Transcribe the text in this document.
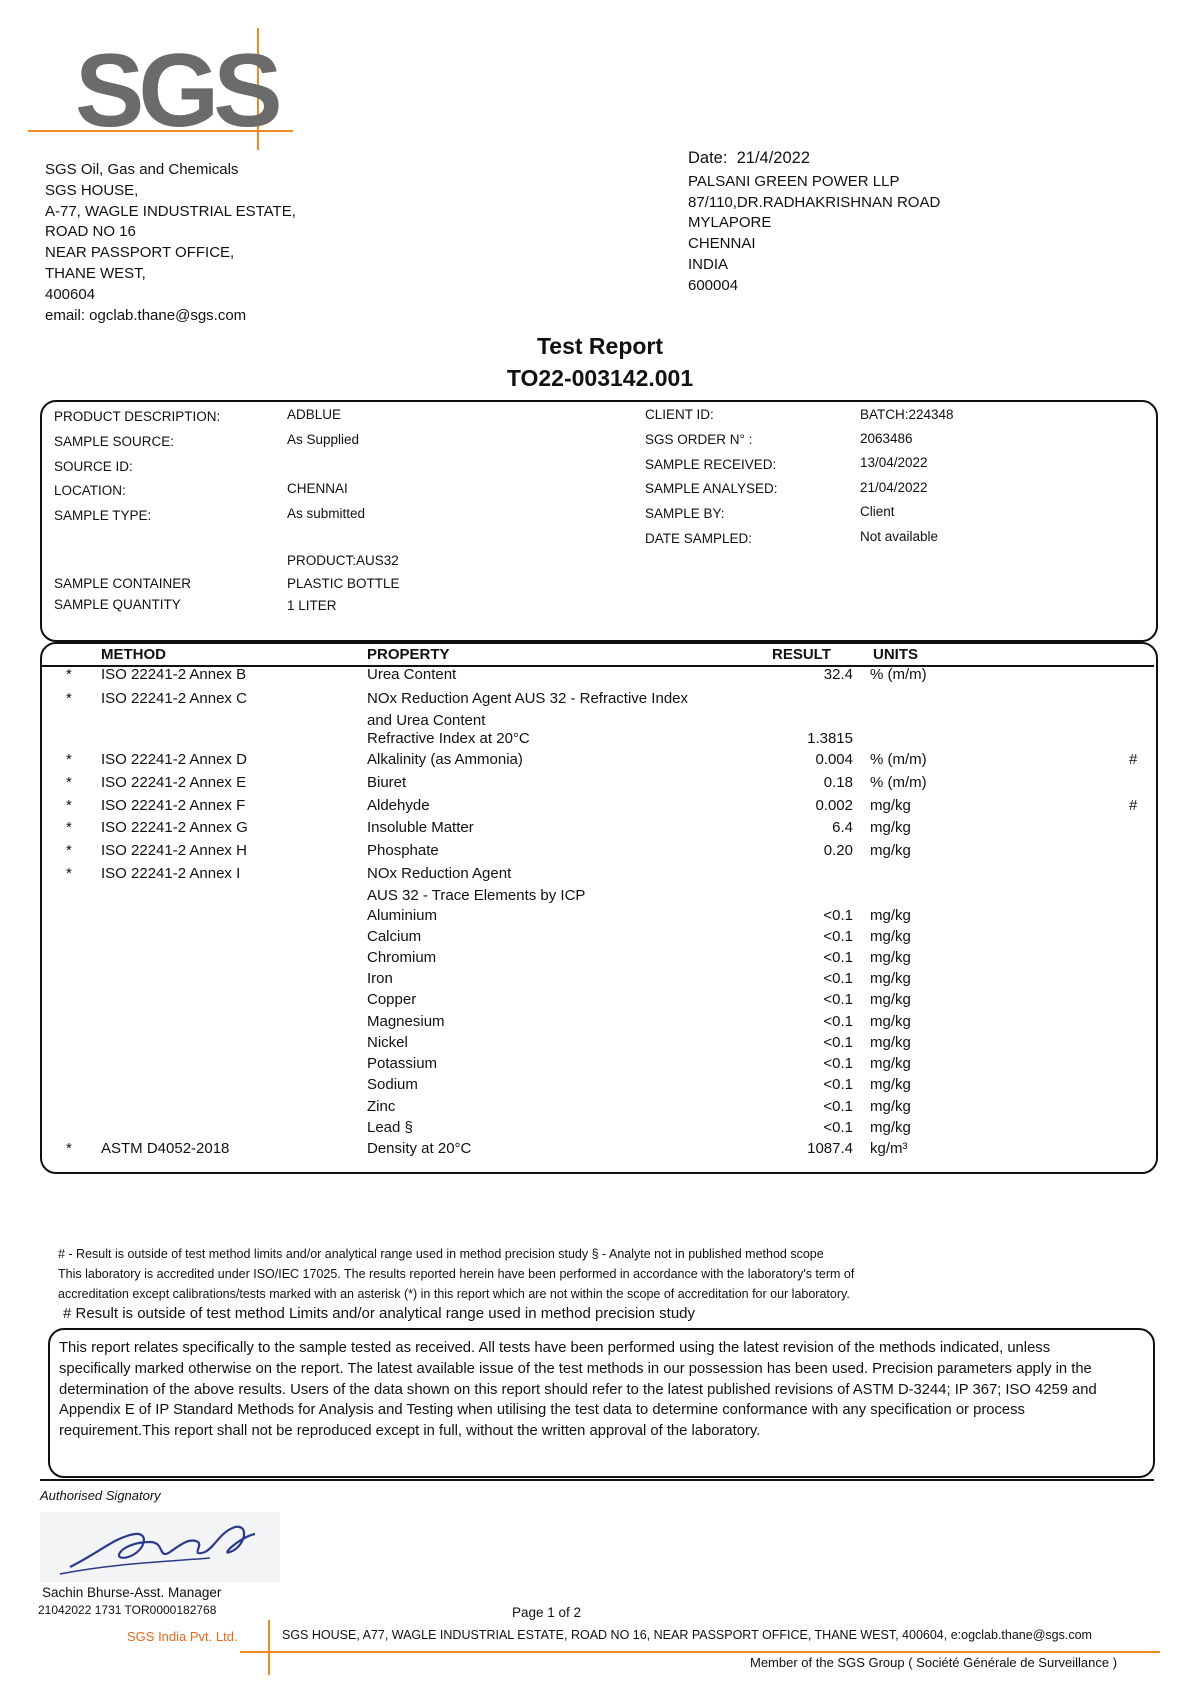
SGS
SGS Oil, Gas and Chemicals
SGS HOUSE,
A-77, WAGLE INDUSTRIAL ESTATE,
ROAD NO 16
NEAR PASSPORT OFFICE,
THANE WEST,
400604
email: ogclab.thane@sgs.com
Date: 21/4/2022
PALSANI GREEN POWER LLP
87/110,DR.RADHAKRISHNAN ROAD
MYLAPORE
CHENNAI
INDIA
600004
Test Report
TO22-003142.001
PRODUCT DESCRIPTION:	ADBLUE
SAMPLE SOURCE:	As Supplied
SOURCE ID:
LOCATION:	CHENNAI
SAMPLE TYPE:	As submitted
PRODUCT:AUS32
SAMPLE CONTAINER	PLASTIC BOTTLE
SAMPLE QUANTITY	1 LITER
CLIENT ID:	BATCH:224348
SGS ORDER N° :	2063486
SAMPLE RECEIVED:	13/04/2022
SAMPLE ANALYSED:	21/04/2022
SAMPLE BY:	Client
DATE SAMPLED:	Not available
METHOD	PROPERTY	RESULT	UNITS
* ISO 22241-2 Annex B	Urea Content	32.4 % (m/m)
* ISO 22241-2 Annex C	NOx Reduction Agent AUS 32 - Refractive Index
and Urea Content
Refractive Index at 20°C	1.3815
* ISO 22241-2 Annex D	Alkalinity (as Ammonia)	0.004 % (m/m)	#
* ISO 22241-2 Annex E	Biuret	0.18 % (m/m)
* ISO 22241-2 Annex F	Aldehyde	0.002 mg/kg	#
* ISO 22241-2 Annex G	Insoluble Matter	6.4 mg/kg
* ISO 22241-2 Annex H	Phosphate	0.20 mg/kg
* ISO 22241-2 Annex I	NOx Reduction Agent
AUS 32 - Trace Elements by ICP
Aluminium	<0.1 mg/kg
Calcium	<0.1 mg/kg
Chromium	<0.1 mg/kg
Iron	<0.1 mg/kg
Copper	<0.1 mg/kg
Magnesium	<0.1 mg/kg
Nickel	<0.1 mg/kg
Potassium	<0.1 mg/kg
Sodium	<0.1 mg/kg
Zinc	<0.1 mg/kg
Lead §	<0.1 mg/kg
* ASTM D4052-2018	Density at 20°C	1087.4 kg/m³
# - Result is outside of test method limits and/or analytical range used in method precision study § - Analyte not in published method scope
This laboratory is accredited under ISO/IEC 17025. The results reported herein have been performed in accordance with the laboratory's term of
accreditation except calibrations/tests marked with an asterisk (*) in this report which are not within the scope of accreditation for our laboratory.
# Result is outside of test method Limits and/or analytical range used in method precision study

This report relates specifically to the sample tested as received. All tests have been performed using the latest revision of the methods indicated, unless specifically marked otherwise on the report. The latest available issue of the test methods in our possession has been used. Precision parameters apply in the determination of the above results. Users of the data shown on this report should refer to the latest published revisions of ASTM D-3244; IP 367; ISO 4259 and Appendix E of IP Standard Methods for Analysis and Testing when utilising the test data to determine conformance with any specification or process requirement.This report shall not be reproduced except in full, without the written approval of the laboratory.

Authorised Signatory
Sachin Bhurse-Asst. Manager
21042022 1731 TOR0000182768	Page 1 of 2
SGS India Pvt. Ltd.	SGS HOUSE, A77, WAGLE INDUSTRIAL ESTATE, ROAD NO 16, NEAR PASSPORT OFFICE, THANE WEST, 400604, e:ogclab.thane@sgs.com
Member of the SGS Group ( Société Générale de Surveillance )
